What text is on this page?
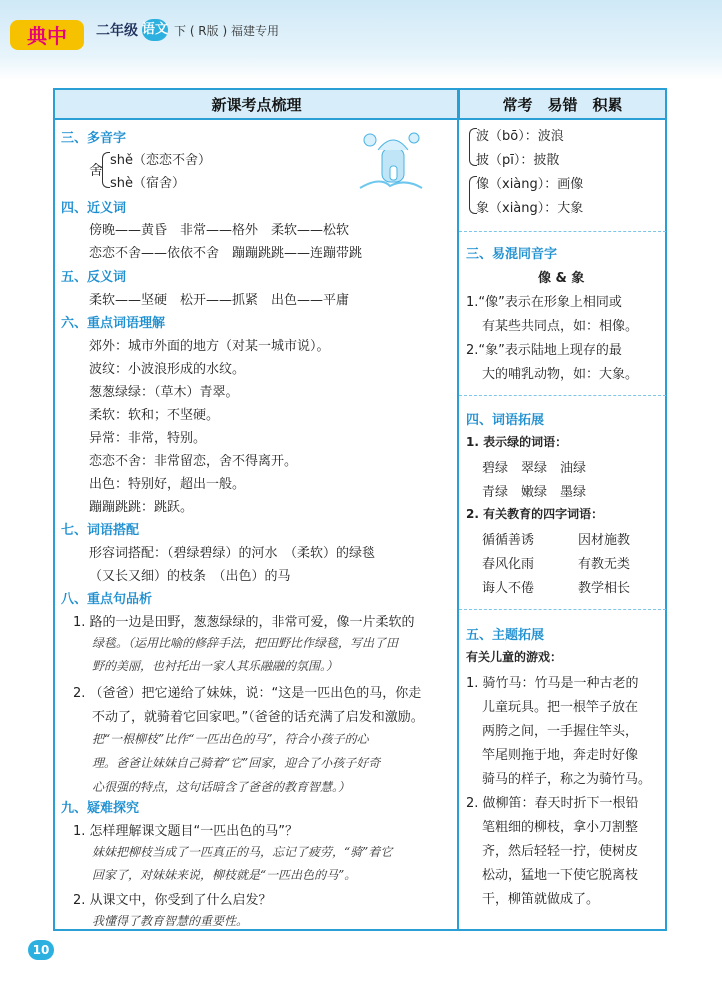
典中 二年级 语文 下 ( R版 ) 福建专用
新课考点梳理	常考　易错　积累
三、多音字
舍
shě（恋恋不舍）
shè（宿舍）
四、近义词
傍晚——黄昏　非常——格外　柔软——松软
恋恋不舍——依依不舍　蹦蹦跳跳——连蹦带跳
五、反义词
柔软——坚硬　松开——抓紧　出色——平庸
六、重点词语理解
郊外：城市外面的地方（对某一城市说）。
波纹：小波浪形成的水纹。
葱葱绿绿：（草木）青翠。
柔软：软和；不坚硬。
异常：非常，特别。
恋恋不舍：非常留恋，舍不得离开。
出色：特别好，超出一般。
蹦蹦跳跳：跳跃。
七、词语搭配
形容词搭配：（碧绿碧绿）的河水　（柔软）的绿毯
（又长又细）的枝条　（出色）的马
八、重点句品析
1. 路的一边是田野，葱葱绿绿的，非常可爱，像一片柔软的
绿毯。（运用比喻的修辞手法，把田野比作绿毯，写出了田
野的美丽，也衬托出一家人其乐融融的氛围。）
2. （爸爸）把它递给了妹妹，说：“这是一匹出色的马，你走
不动了，就骑着它回家吧。”（爸爸的话充满了启发和激励。
把“一根柳枝”比作“一匹出色的马”，符合小孩子的心
理。爸爸让妹妹自己骑着“它”回家，迎合了小孩子好奇
心很强的特点，这句话暗含了爸爸的教育智慧。）
九、疑难探究
1. 怎样理解课文题目“一匹出色的马”？
妹妹把柳枝当成了一匹真正的马，忘记了疲劳，“骑”着它
回家了，对妹妹来说，柳枝就是“一匹出色的马”。
2. 从课文中，你受到了什么启发？
我懂得了教育智慧的重要性。
波（bō）：波浪
披（pī）：披散
像（xiàng）：画像
象（xiàng）：大象
三、易混同音字
像 & 象
1.“像”表示在形象上相同或
有某些共同点，如：相像。
2.“象”表示陆地上现存的最
大的哺乳动物，如：大象。
四、词语拓展
1. 表示绿的词语：
碧绿　翠绿　油绿
青绿　嫩绿　墨绿
2. 有关教育的四字词语：
循循善诱	因材施教
春风化雨	有教无类
诲人不倦	教学相长
五、主题拓展
有关儿童的游戏：
1. 骑竹马：竹马是一种古老的
儿童玩具。把一根竿子放在
两胯之间，一手握住竿头，
竿尾则拖于地，奔走时好像
骑马的样子，称之为骑竹马。
2. 做柳笛：春天时折下一根铅
笔粗细的柳枝，拿小刀割整
齐，然后轻轻一拧，使树皮
松动，猛地一下使它脱离枝
干，柳笛就做成了。
10
